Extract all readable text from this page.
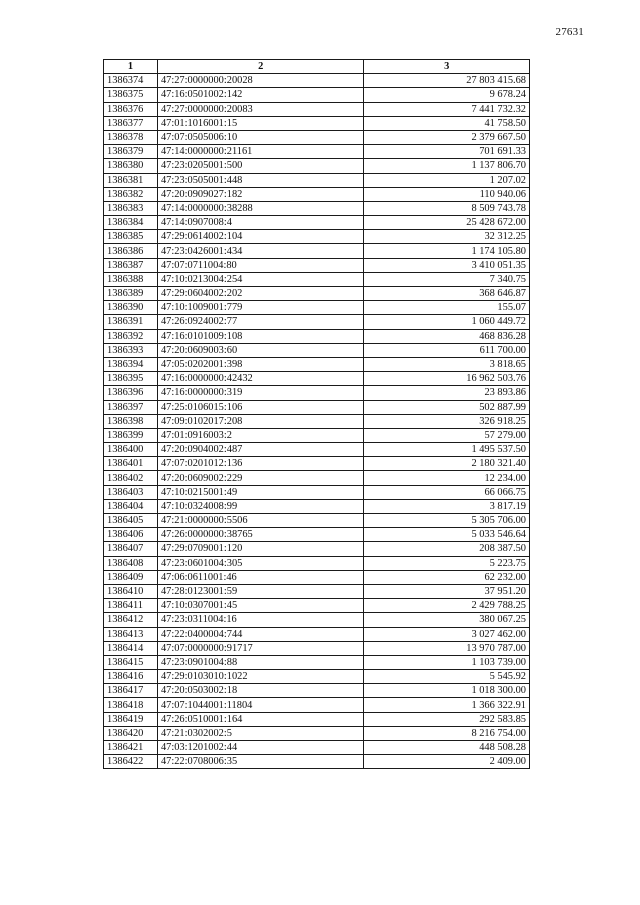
27631
1	2	3
1386374	47:27:0000000:20028	27 803 415.68
1386375	47:16:0501002:142	9 678.24
1386376	47:27:0000000:20083	7 441 732.32
1386377	47:01:1016001:15	41 758.50
1386378	47:07:0505006:10	2 379 667.50
1386379	47:14:0000000:21161	701 691.33
1386380	47:23:0205001:500	1 137 806.70
1386381	47:23:0505001:448	1 207.02
1386382	47:20:0909027:182	110 940.06
1386383	47:14:0000000:38288	8 509 743.78
1386384	47:14:0907008:4	25 428 672.00
1386385	47:29:0614002:104	32 312.25
1386386	47:23:0426001:434	1 174 105.80
1386387	47:07:0711004:80	3 410 051.35
1386388	47:10:0213004:254	7 340.75
1386389	47:29:0604002:202	368 646.87
1386390	47:10:1009001:779	155.07
1386391	47:26:0924002:77	1 060 449.72
1386392	47:16:0101009:108	468 836.28
1386393	47:20:0609003:60	611 700.00
1386394	47:05:0202001:398	3 818.65
1386395	47:16:0000000:42432	16 962 503.76
1386396	47:16:0000000:319	23 893.86
1386397	47:25:0106015:106	502 887.99
1386398	47:09:0102017:208	326 918.25
1386399	47:01:0916003:2	57 279.00
1386400	47:20:0904002:487	1 495 537.50
1386401	47:07:0201012:136	2 180 321.40
1386402	47:20:0609002:229	12 234.00
1386403	47:10:0215001:49	66 066.75
1386404	47:10:0324008:99	3 817.19
1386405	47:21:0000000:5506	5 305 706.00
1386406	47:26:0000000:38765	5 033 546.64
1386407	47:29:0709001:120	208 387.50
1386408	47:23:0601004:305	5 223.75
1386409	47:06:0611001:46	62 232.00
1386410	47:28:0123001:59	37 951.20
1386411	47:10:0307001:45	2 429 788.25
1386412	47:23:0311004:16	380 067.25
1386413	47:22:0400004:744	3 027 462.00
1386414	47:07:0000000:91717	13 970 787.00
1386415	47:23:0901004:88	1 103 739.00
1386416	47:29:0103010:1022	5 545.92
1386417	47:20:0503002:18	1 018 300.00
1386418	47:07:1044001:11804	1 366 322.91
1386419	47:26:0510001:164	292 583.85
1386420	47:21:0302002:5	8 216 754.00
1386421	47:03:1201002:44	448 508.28
1386422	47:22:0708006:35	2 409.00
